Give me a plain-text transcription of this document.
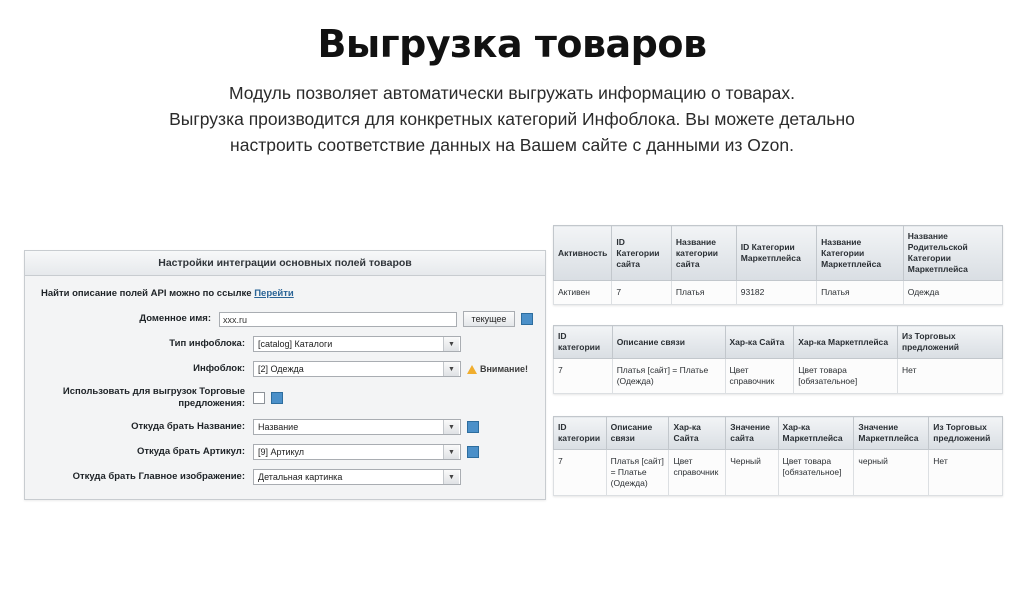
Выгрузка товаров
Модуль позволяет автоматически выгружать информацию о товарах.
Выгрузка производится для конкретных категорий Инфоблока. Вы можете детально
настроить соответствие данных на Вашем сайте с данными из Ozon.
Настройки интеграции основных полей товаров
Найти описание полей API можно по ссылке Перейти
Доменное имя:	xxx.ru	текущее
Тип инфоблока:	[catalog] Каталоги	▼
Инфоблок:	[2] Одежда	▼	Внимание!
Использовать для выгрузок Торговые предложения:
Откуда брать Название:	Название	▼
Откуда брать Артикул:	[9] Артикул	▼
Откуда брать Главное изображение:	Детальная картинка	▼
Активность	ID Категории сайта	Название категории сайта	ID Категории Маркетплейса	Название Категории Маркетплейса	Название Родительской Категории Маркетплейса
Активен	7	Платья	93182	Платья	Одежда
ID категории	Описание связи	Хар-ка Сайта	Хар-ка Маркетплейса	Из Торговых предложений
7	Платья [сайт] = Платье (Одежда)	Цвет справочник	Цвет товара [обязательное]	Нет
ID категории	Описание связи	Хар-ка Сайта	Значение сайта	Хар-ка Маркетплейса	Значение Маркетплейса	Из Торговых предложений
7	Платья [сайт] = Платье (Одежда)	Цвет справочник	Черный	Цвет товара [обязательное]	черный	Нет
